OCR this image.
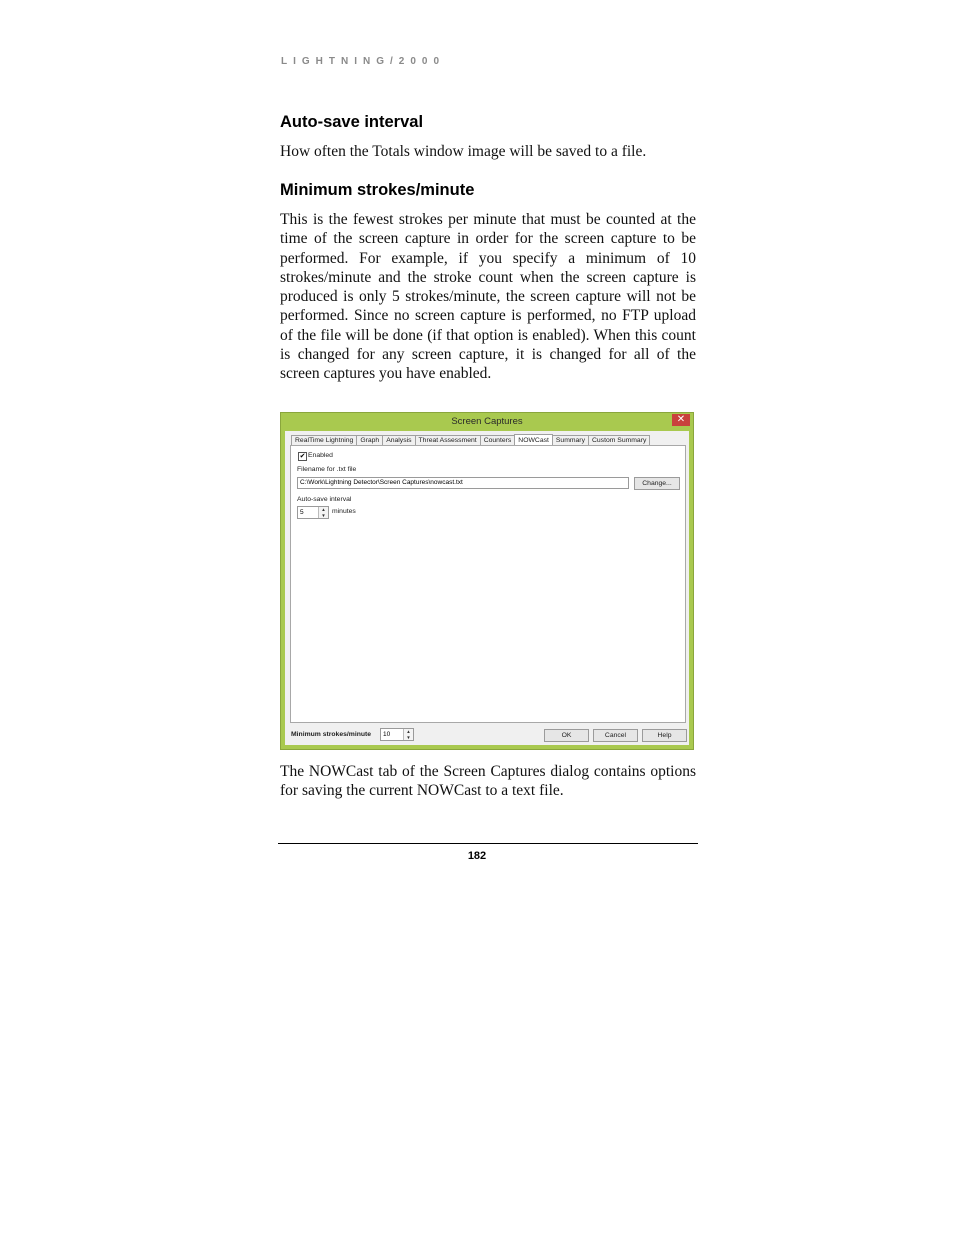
LIGHTNING/2000
Auto-save interval
How often the Totals window image will be saved to a file.
Minimum strokes/minute
This is the fewest strokes per minute that must be counted at the time of the screen capture in order for the screen capture to be performed. For example, if you specify a minimum of 10 strokes/minute and the stroke count when the screen capture is produced is only 5 strokes/minute, the screen capture will not be performed. Since no screen capture is performed, no FTP upload of the file will be done (if that option is enabled). When this count is changed for any screen capture, it is changed for all of the screen captures you have enabled.
Screen Captures	✕
RealTime Lightning	Graph	Analysis	Threat Assessment	Counters	NOWCast	Summary	Custom Summary
✔ Enabled
Filename for .txt file
C:\Work\Lightning Detector\Screen Captures\nowcast.txt	Change...
Auto-save interval
5	▲
▼ minutes
Minimum strokes/minute	10	▲
▼	OK	Cancel	Help
The NOWCast tab of the Screen Captures dialog contains options for saving the current NOWCast to a text file.
182
